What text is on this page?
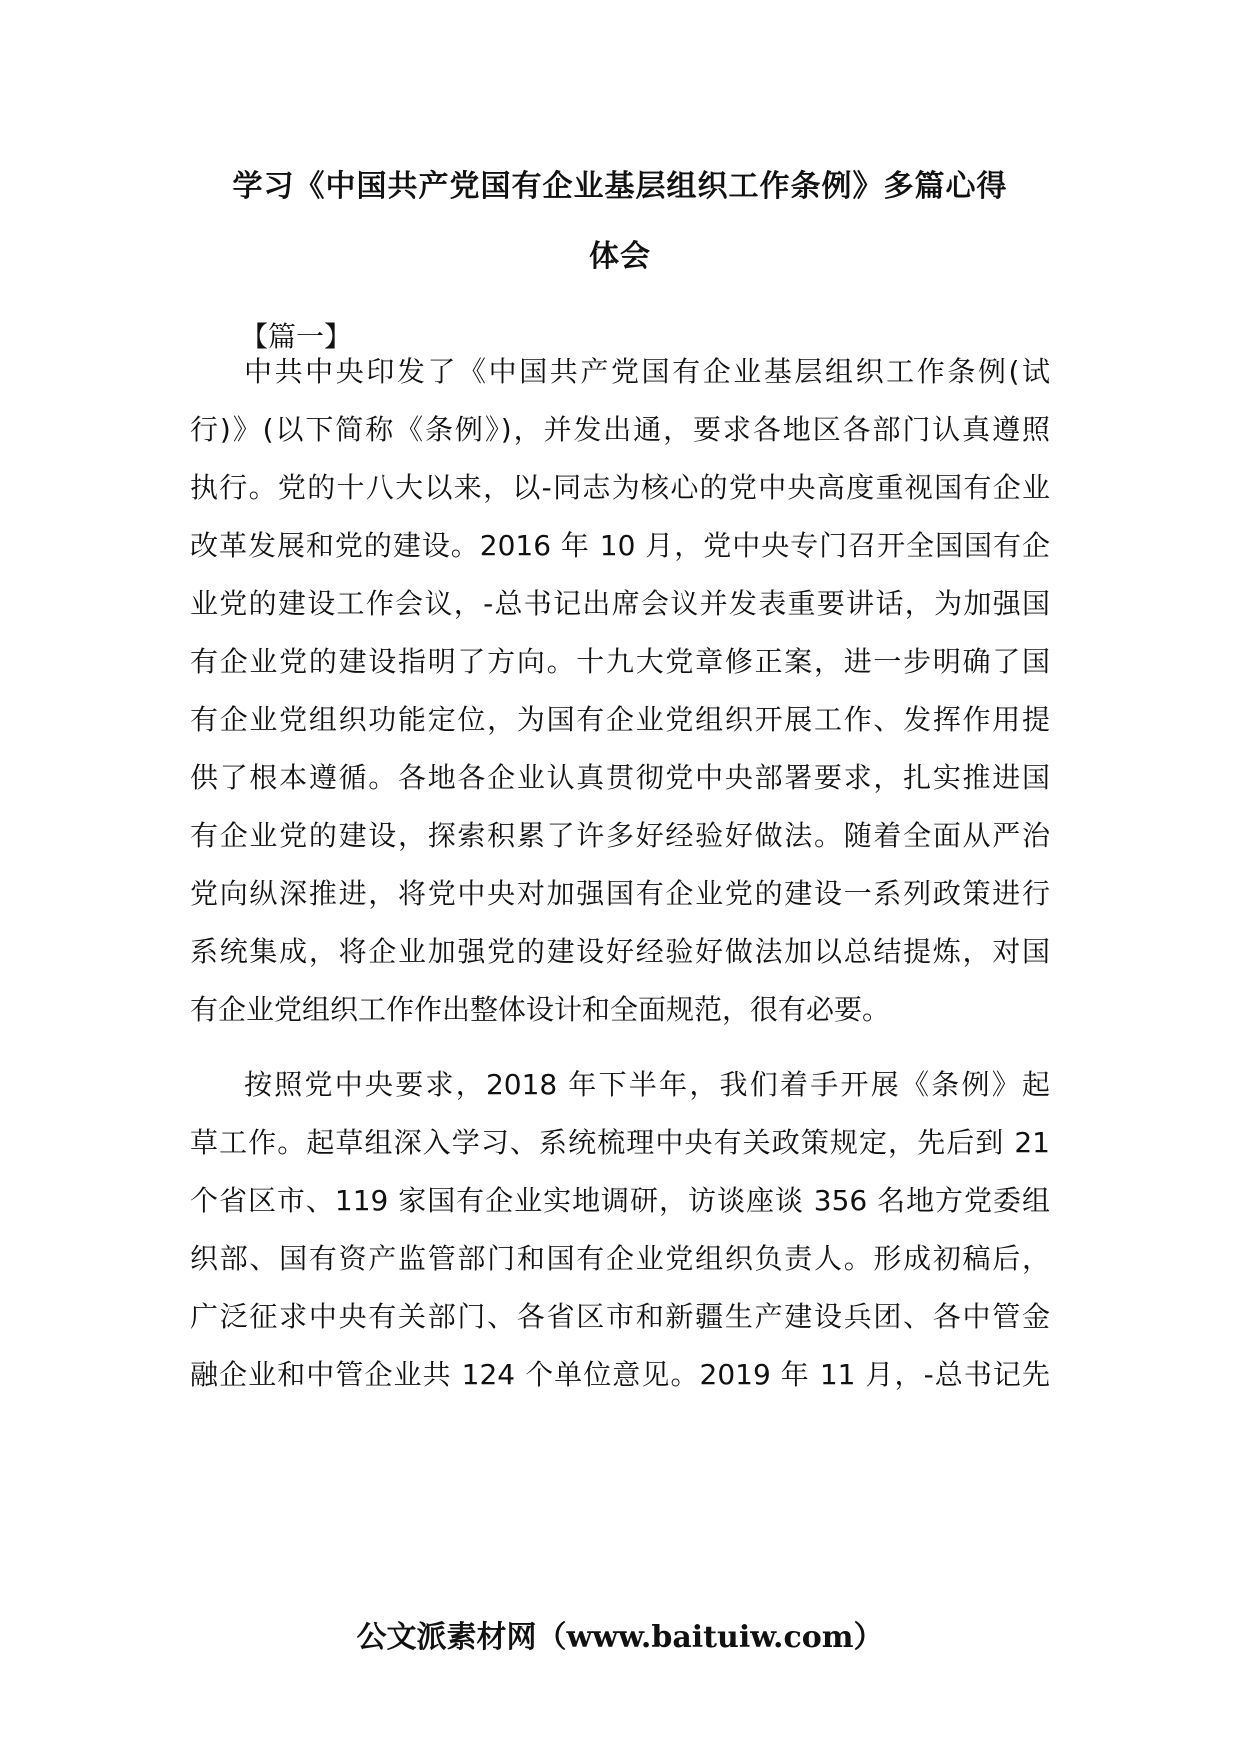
学习《中国共产党国有企业基层组织工作条例》多篇心得
体会
【篇一】
中共中央印发了《中国共产党国有企业基层组织工作条例(试
行)》(以下简称《条例》)，并发出通，要求各地区各部门认真遵照
执行。党的十八大以来，以-同志为核心的党中央高度重视国有企业
改革发展和党的建设。2016 年 10 月，党中央专门召开全国国有企
业党的建设工作会议，-总书记出席会议并发表重要讲话，为加强国
有企业党的建设指明了方向。十九大党章修正案，进一步明确了国
有企业党组织功能定位，为国有企业党组织开展工作、发挥作用提
供了根本遵循。各地各企业认真贯彻党中央部署要求，扎实推进国
有企业党的建设，探索积累了许多好经验好做法。随着全面从严治
党向纵深推进，将党中央对加强国有企业党的建设一系列政策进行
系统集成，将企业加强党的建设好经验好做法加以总结提炼，对国
有企业党组织工作作出整体设计和全面规范，很有必要。
按照党中央要求，2018 年下半年，我们着手开展《条例》起
草工作。起草组深入学习、系统梳理中央有关政策规定，先后到 21
个省区市、119 家国有企业实地调研，访谈座谈 356 名地方党委组
织部、国有资产监管部门和国有企业党组织负责人。形成初稿后，
广泛征求中央有关部门、各省区市和新疆生产建设兵团、各中管金
融企业和中管企业共 124 个单位意见。2019 年 11 月，-总书记先
公文派素材网（www.baituiw.com）
